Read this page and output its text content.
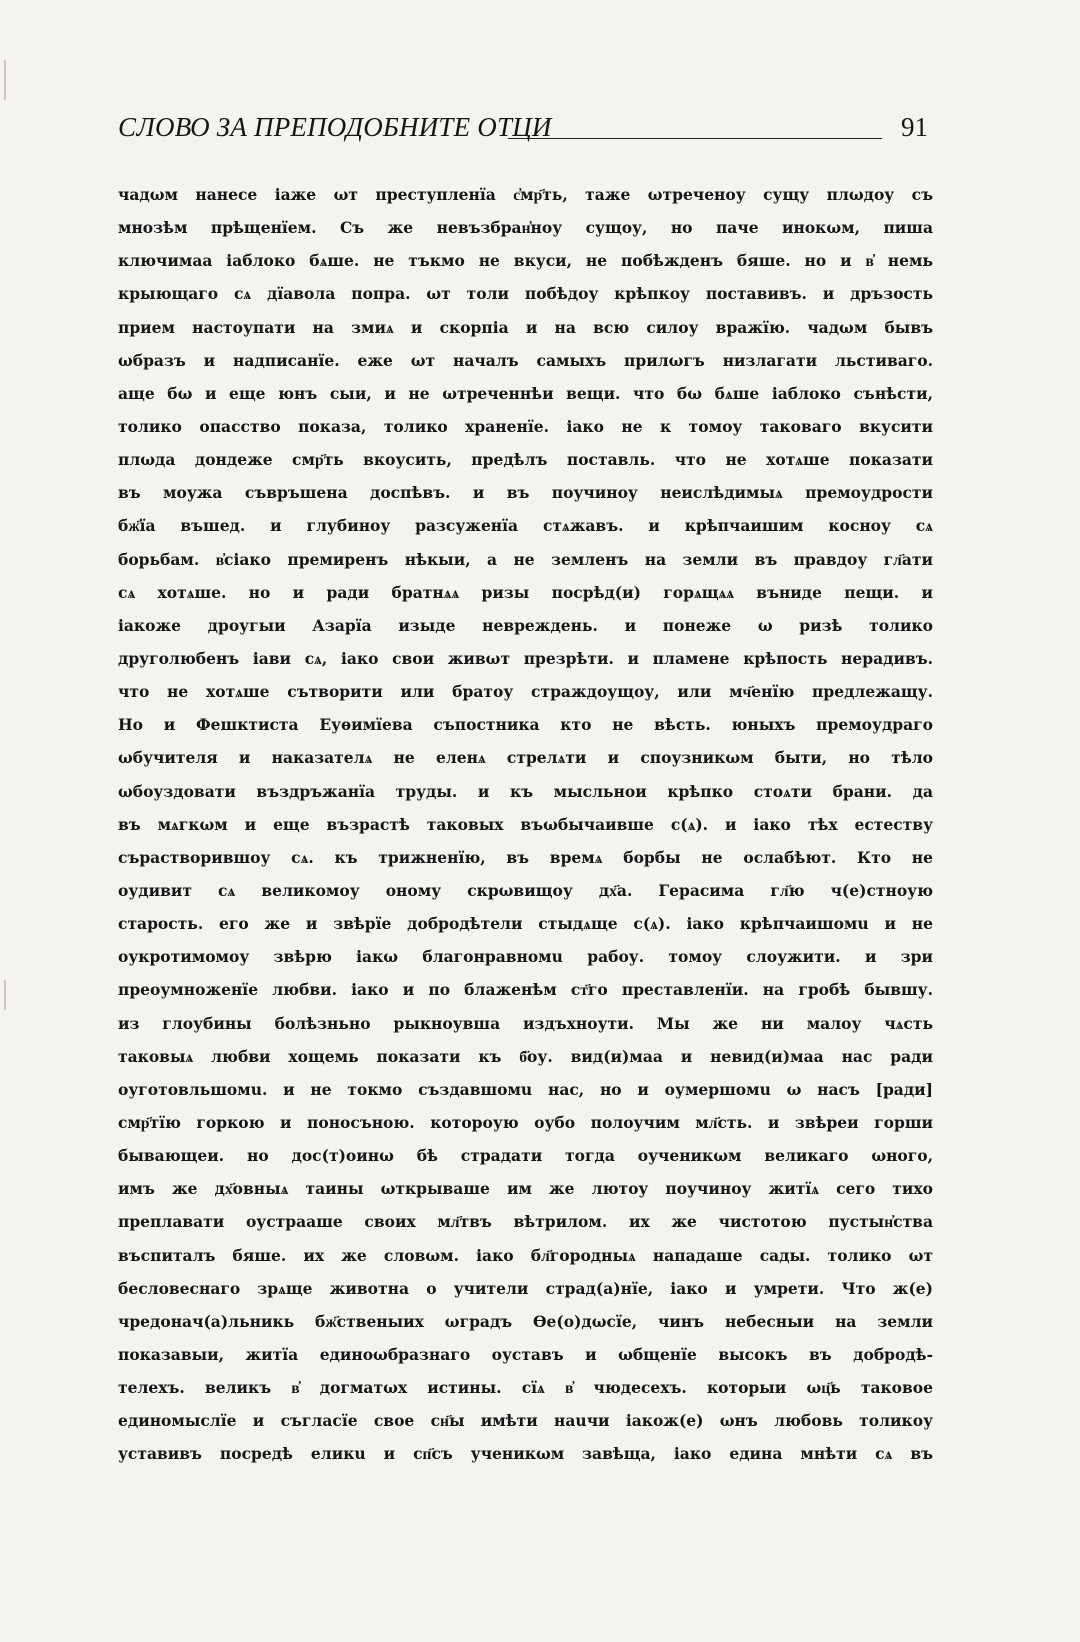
СЛОВО ЗА ПРЕПОДОБНИТЕ ОТЦИ	91
чадωм нанесе іаже ωт преступленїа с҆мр҃ть, таже ωтреченоу сущу плωдоу съ
мнозѣм прѣщенїем. Съ же невъзбран҆ноу сущоу, но паче инокωм, пиша
ключимаа іаблоко бѧше. не тъкмо не вкуси, не побѣжденъ бяше. но и в҆ немь
крыющаго сѧ дїавола попра. ωт толи побѣдоу крѣпкоу поставивъ. и дръзость
прием настоупати на змиѧ и скорпіа и на всю силоу вражїю. чадωм бывъ
ωбразъ и надписанїе. еже ωт началъ самыхъ прилωгъ низлагати льстиваго.
аще бω и еще юнъ сыи, и не ωтреченнѣи вещи. что бω бѧше іаблоко сънѣсти,
толико опасство показа, толико храненїе. іако не к томоу таковаго вкусити
плωда дондеже смр҃ть вкоусить, предѣлъ поставль. что не хотѧше показати
въ моужа съвръшена доспѣвъ. и въ поучиноу неислѣдимыѧ премоудрости
бж҃їа въшед. и глубиноу разсуженїа стѧжавъ. и крѣпчаишим косноу сѧ
борьбам. в҆сіако премиренъ нѣкыи, а не земленъ на земли въ правдоу гл҃ати
сѧ хотѧше. но и ради братнѧѧ ризы посрѣд(и) горѧщѧѧ въниде пещи. и
іакоже дроугыи Азарїа изыде невреждень. и понеже ω ризѣ толико
друголюбенъ іави сѧ, іако свои живωт презрѣти. и пламене крѣпость нерадивъ.
что не хотѧше сътворити или братоу страждоущоу, или мч҃енїю предлежащу.
Но и Фешктиста Еуѳимїева съпостника кто не вѣсть. юныхъ премоудраго
ωбучителя и наказателѧ не еленѧ стрелѧти и споузникωм быти, но тѣло
ωбоуздовати въздръжанїа труды. и къ мысльнои крѣпко стоѧти брани. да
въ мѧгкωм и еще възрастѣ таковых въωбычаивше с(ѧ). и іако тѣх естеству
сърастворившоу сѧ. къ трижненїю, въ времѧ борбы не ослабѣют. Кто не
оудивит сѧ великомоу оному скрωвищоу дх҃а. Герасима гл҃ю ч(е)стноую
старость. его же и звѣрїе добродѣтели стыдѧще с(ѧ). іако крѣпчаишомu и не
оукротимомоу звѣрю іакω благонравномu рабоу. томоу слоужити. и зри
преоумноженїе любви. іако и по блаженѣм ст҃го преставленїи. на гробѣ бывшу.
из глоубины болѣзньно рыкноувша издъхноути. Мы же ни малоу чѧсть
таковыѧ любви хощемь показати къ б҃оу. вид(и)маа и невид(и)маа нас ради
оуготовльшомu. и не токмо създавшомu нас, но и оумершомu ω насъ [ради]
смр҃тїю горкою и поносъною. которoую оубо полоучим мл҃сть. и звѣреи горши
бывающеи. но дос(т)оинω бѣ страдати тогда оученикωм великаго ωного,
имъ же дх҃овныѧ таины ωткрываше им же лютоу поучиноу житїѧ сего тихо
преплавати оустрааше своих мл҃твъ вѣтрилом. их же чистотою пустын҆ства
въспиталъ бяше. их же словωм. іако бл҃городныѧ нападаше сады. толико ωт
бесловеснаго зрѧще животна о учители страд(а)нїе, іако и умрети. Что ж(е)
чредонач(а)льникь бж҃ственыих ωградъ Ѳе(о)дωсїе, чинъ небесныи на земли
показавыи, житїа единоωбразнаго оуставъ и ωбщенїе высокъ въ добродѣ-
телехъ. великъ в҆ догматωх истины. сїѧ в҆ чюдесехъ. которыи ωц҃ь таковое
единомыслїе и съгласїе свое сн҃ы имѣти наuчи іакож(е) ωнъ любовь толикоу
уставивъ посредѣ еликu и сп҃съ ученикωм завѣща, іако едина мнѣти сѧ въ
